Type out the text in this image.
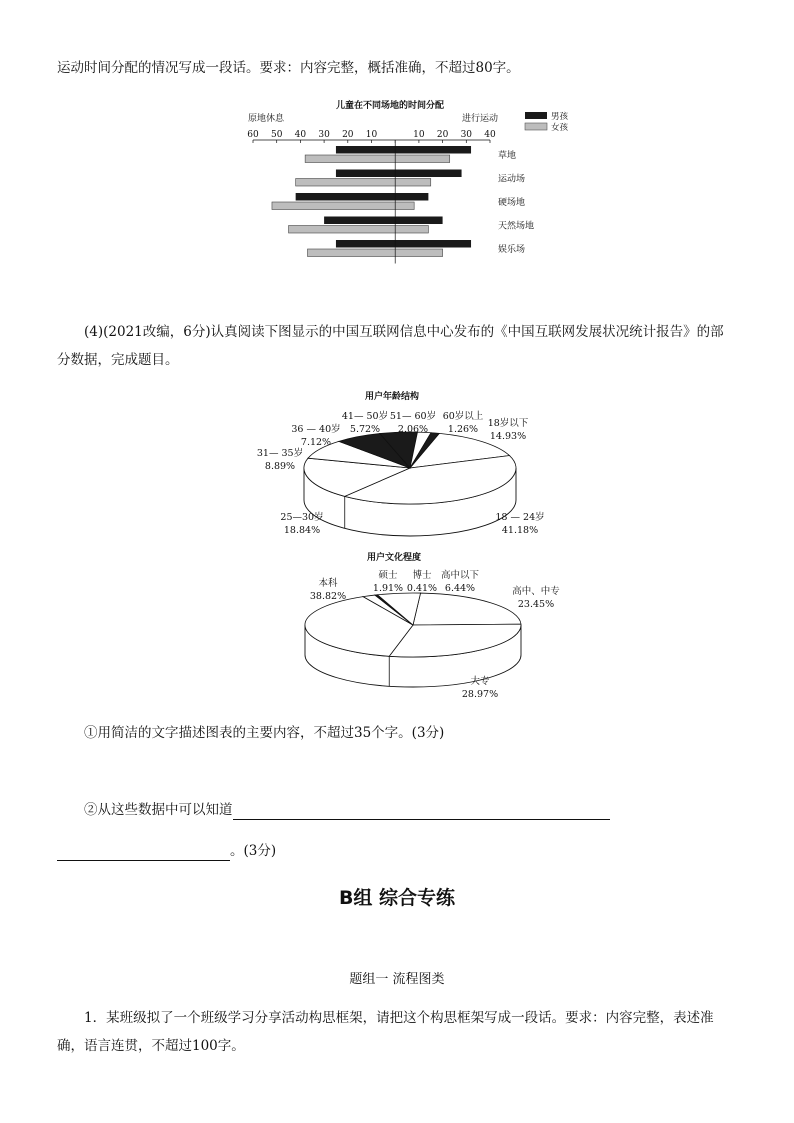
运动时间分配的情况写成一段话。要求：内容完整，概括准确，不超过80字。
儿童在不同场地的时间分配
原地休息	进行运动	男孩
女孩
60 50 40 30 20 10	10 20 30 40
草地
运动场
硬场地
天然场地
娱乐场
(4)(2021改编，6分)认真阅读下图显示的中国互联网信息中心发布的《中国互联网发展状况统计报告》的部
分数据，完成题目。
用户年龄结构
18岁以下
14.93%
18 — 24岁
41.18%
25—30岁
18.84%
31— 35岁
8.89%
36 — 40岁
7.12%
41— 50岁
5.72%
51— 60岁
2.06%
60岁以上
1.26%
用户文化程度
高中、中专
23.45%
大专
28.97%
本科
38.82%
硕士
1.91%
博士
0.41%
高中以下
6.44%
①用简洁的文字描述图表的主要内容，不超过35个字。(3分)
②从这些数据中可以知道
。(3分)
B组 综合专练
题组一 流程图类
1．某班级拟了一个班级学习分享活动构思框架，请把这个构思框架写成一段话。要求：内容完整，表述准
确，语言连贯，不超过100字。
